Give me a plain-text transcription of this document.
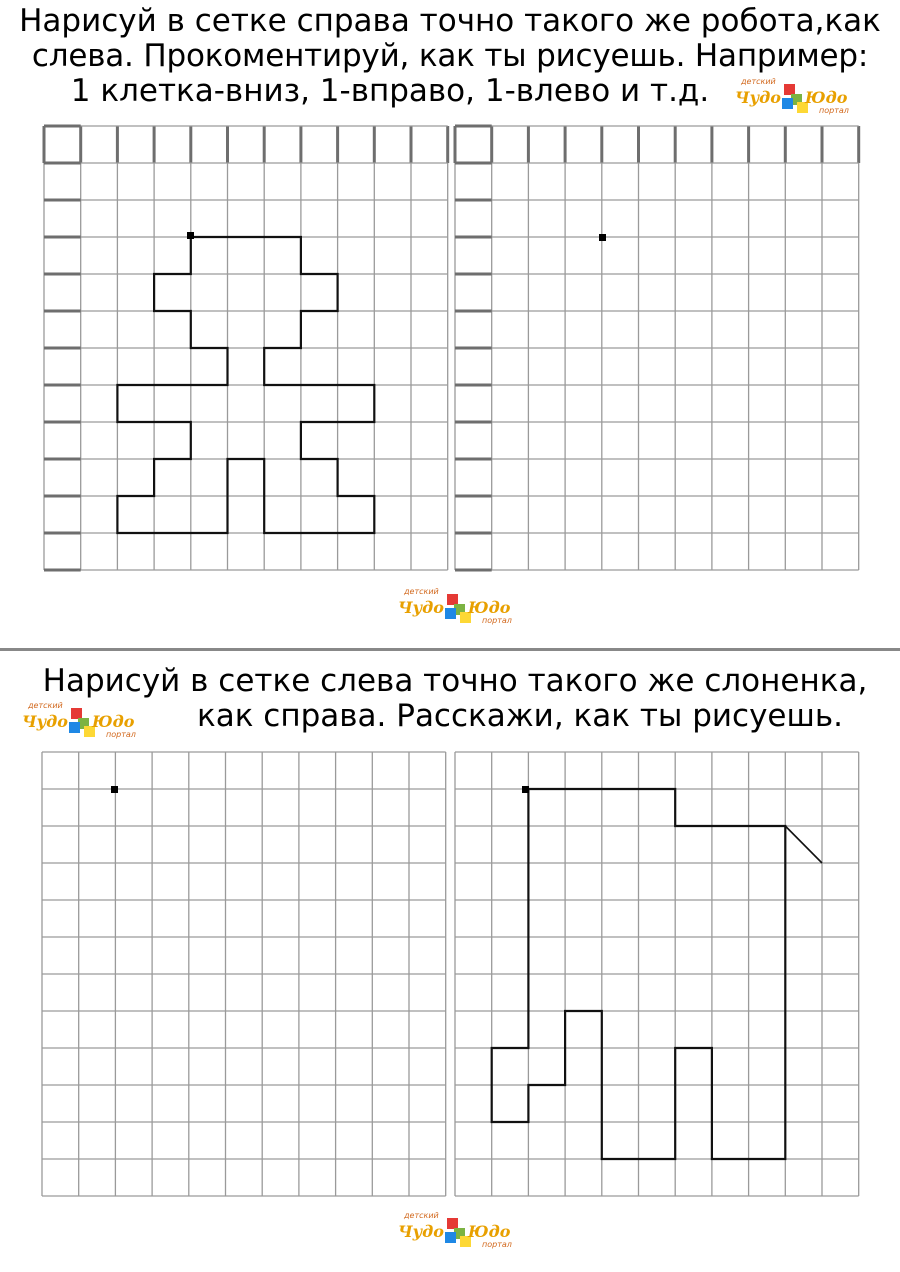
Нарисуй в сетке справа точно такого же робота,как
слева. Прокоментируй, как ты рисуешь. Например:
1 клетка-вниз, 1-вправо, 1-влево и т.д.
Нарисуй в сетке слева точно такого же слоненка,
как справа. Расскажи, как ты рисуешь.
детский
Чудо Юдо
портал
детский
Чудо Юдо
портал
детский
Чудо Юдо
портал
детский
Чудо Юдо
портал
